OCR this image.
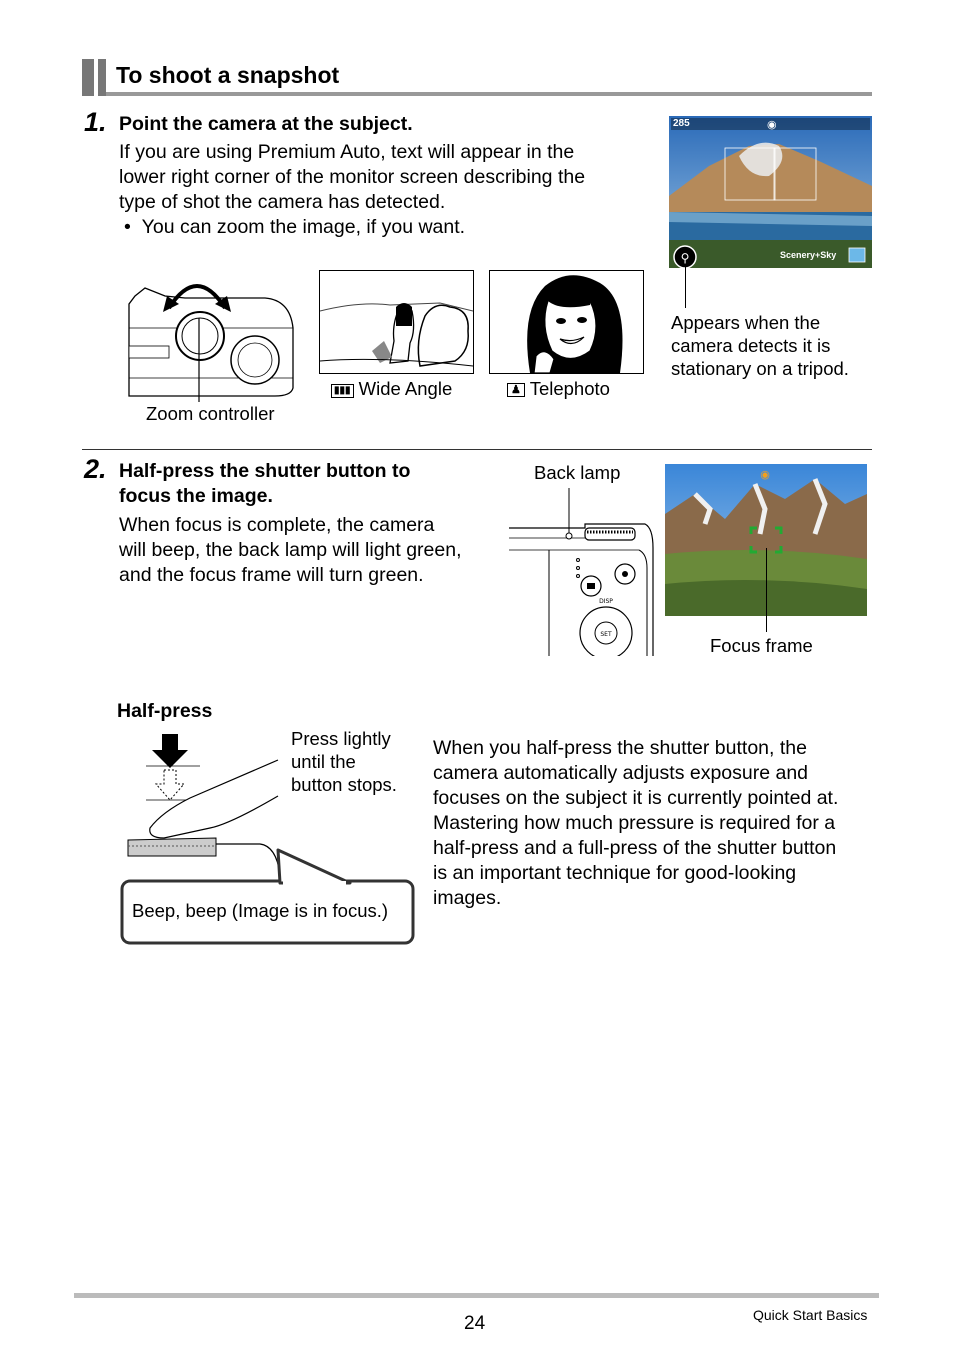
To shoot a snapshot
1. Point the camera at the subject.
If you are using Premium Auto, text will appear in the
lower right corner of the monitor screen describing the
type of shot the camera has detected.
•  You can zoom the image, if you want.
Zoom controller
▮▮▮ Wide Angle	♟ Telephoto
⚲
285	◉
Scenery+Sky
Appears when the
camera detects it is
stationary on a tripod.
2. Half-press the shutter button to
focus the image.
When focus is complete, the camera
will beep, the back lamp will light green,
and the focus frame will turn green.
Back lamp
DISP
SET
◉
Focus frame
Half-press
Press lightly
until the
button stops.
Beep, beep (Image is in focus.)
When you half-press the shutter button, the
camera automatically adjusts exposure and
focuses on the subject it is currently pointed at.
Mastering how much pressure is required for a
half-press and a full-press of the shutter button
is an important technique for good-looking
images.
24	Quick Start Basics
